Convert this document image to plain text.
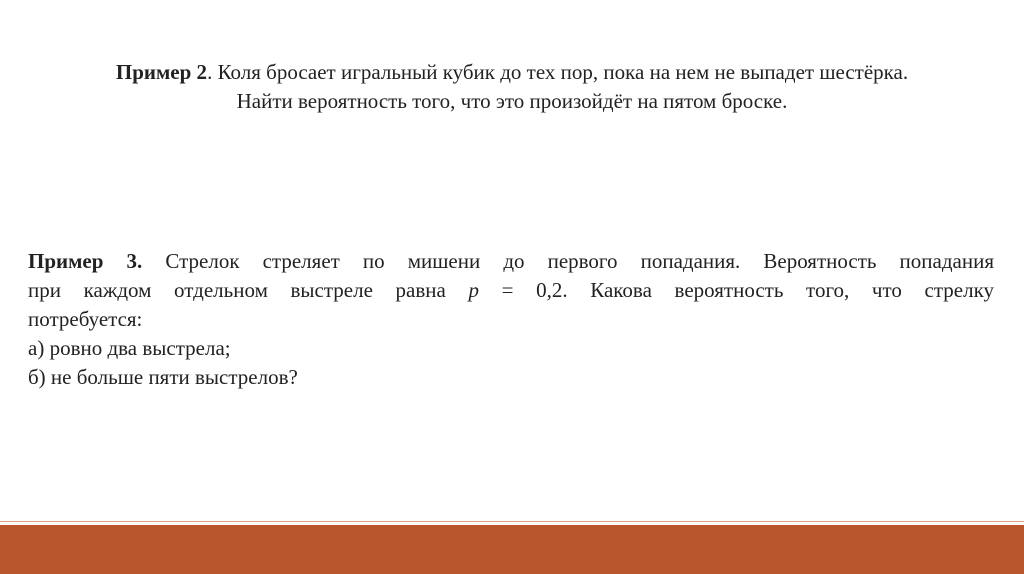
Пример 2. Коля бросает игральный кубик до тех пор, пока на нем не выпадет шестёрка.
Найти вероятность того, что это произойдёт на пятом броске.
Пример 3. Стрелок стреляет по мишени до первого попадания. Вероятность попадания
при каждом отдельном выстреле равна p = 0,2. Какова вероятность того, что стрелку
потребуется:
а) ровно два выстрела;
б) не больше пяти выстрелов?
